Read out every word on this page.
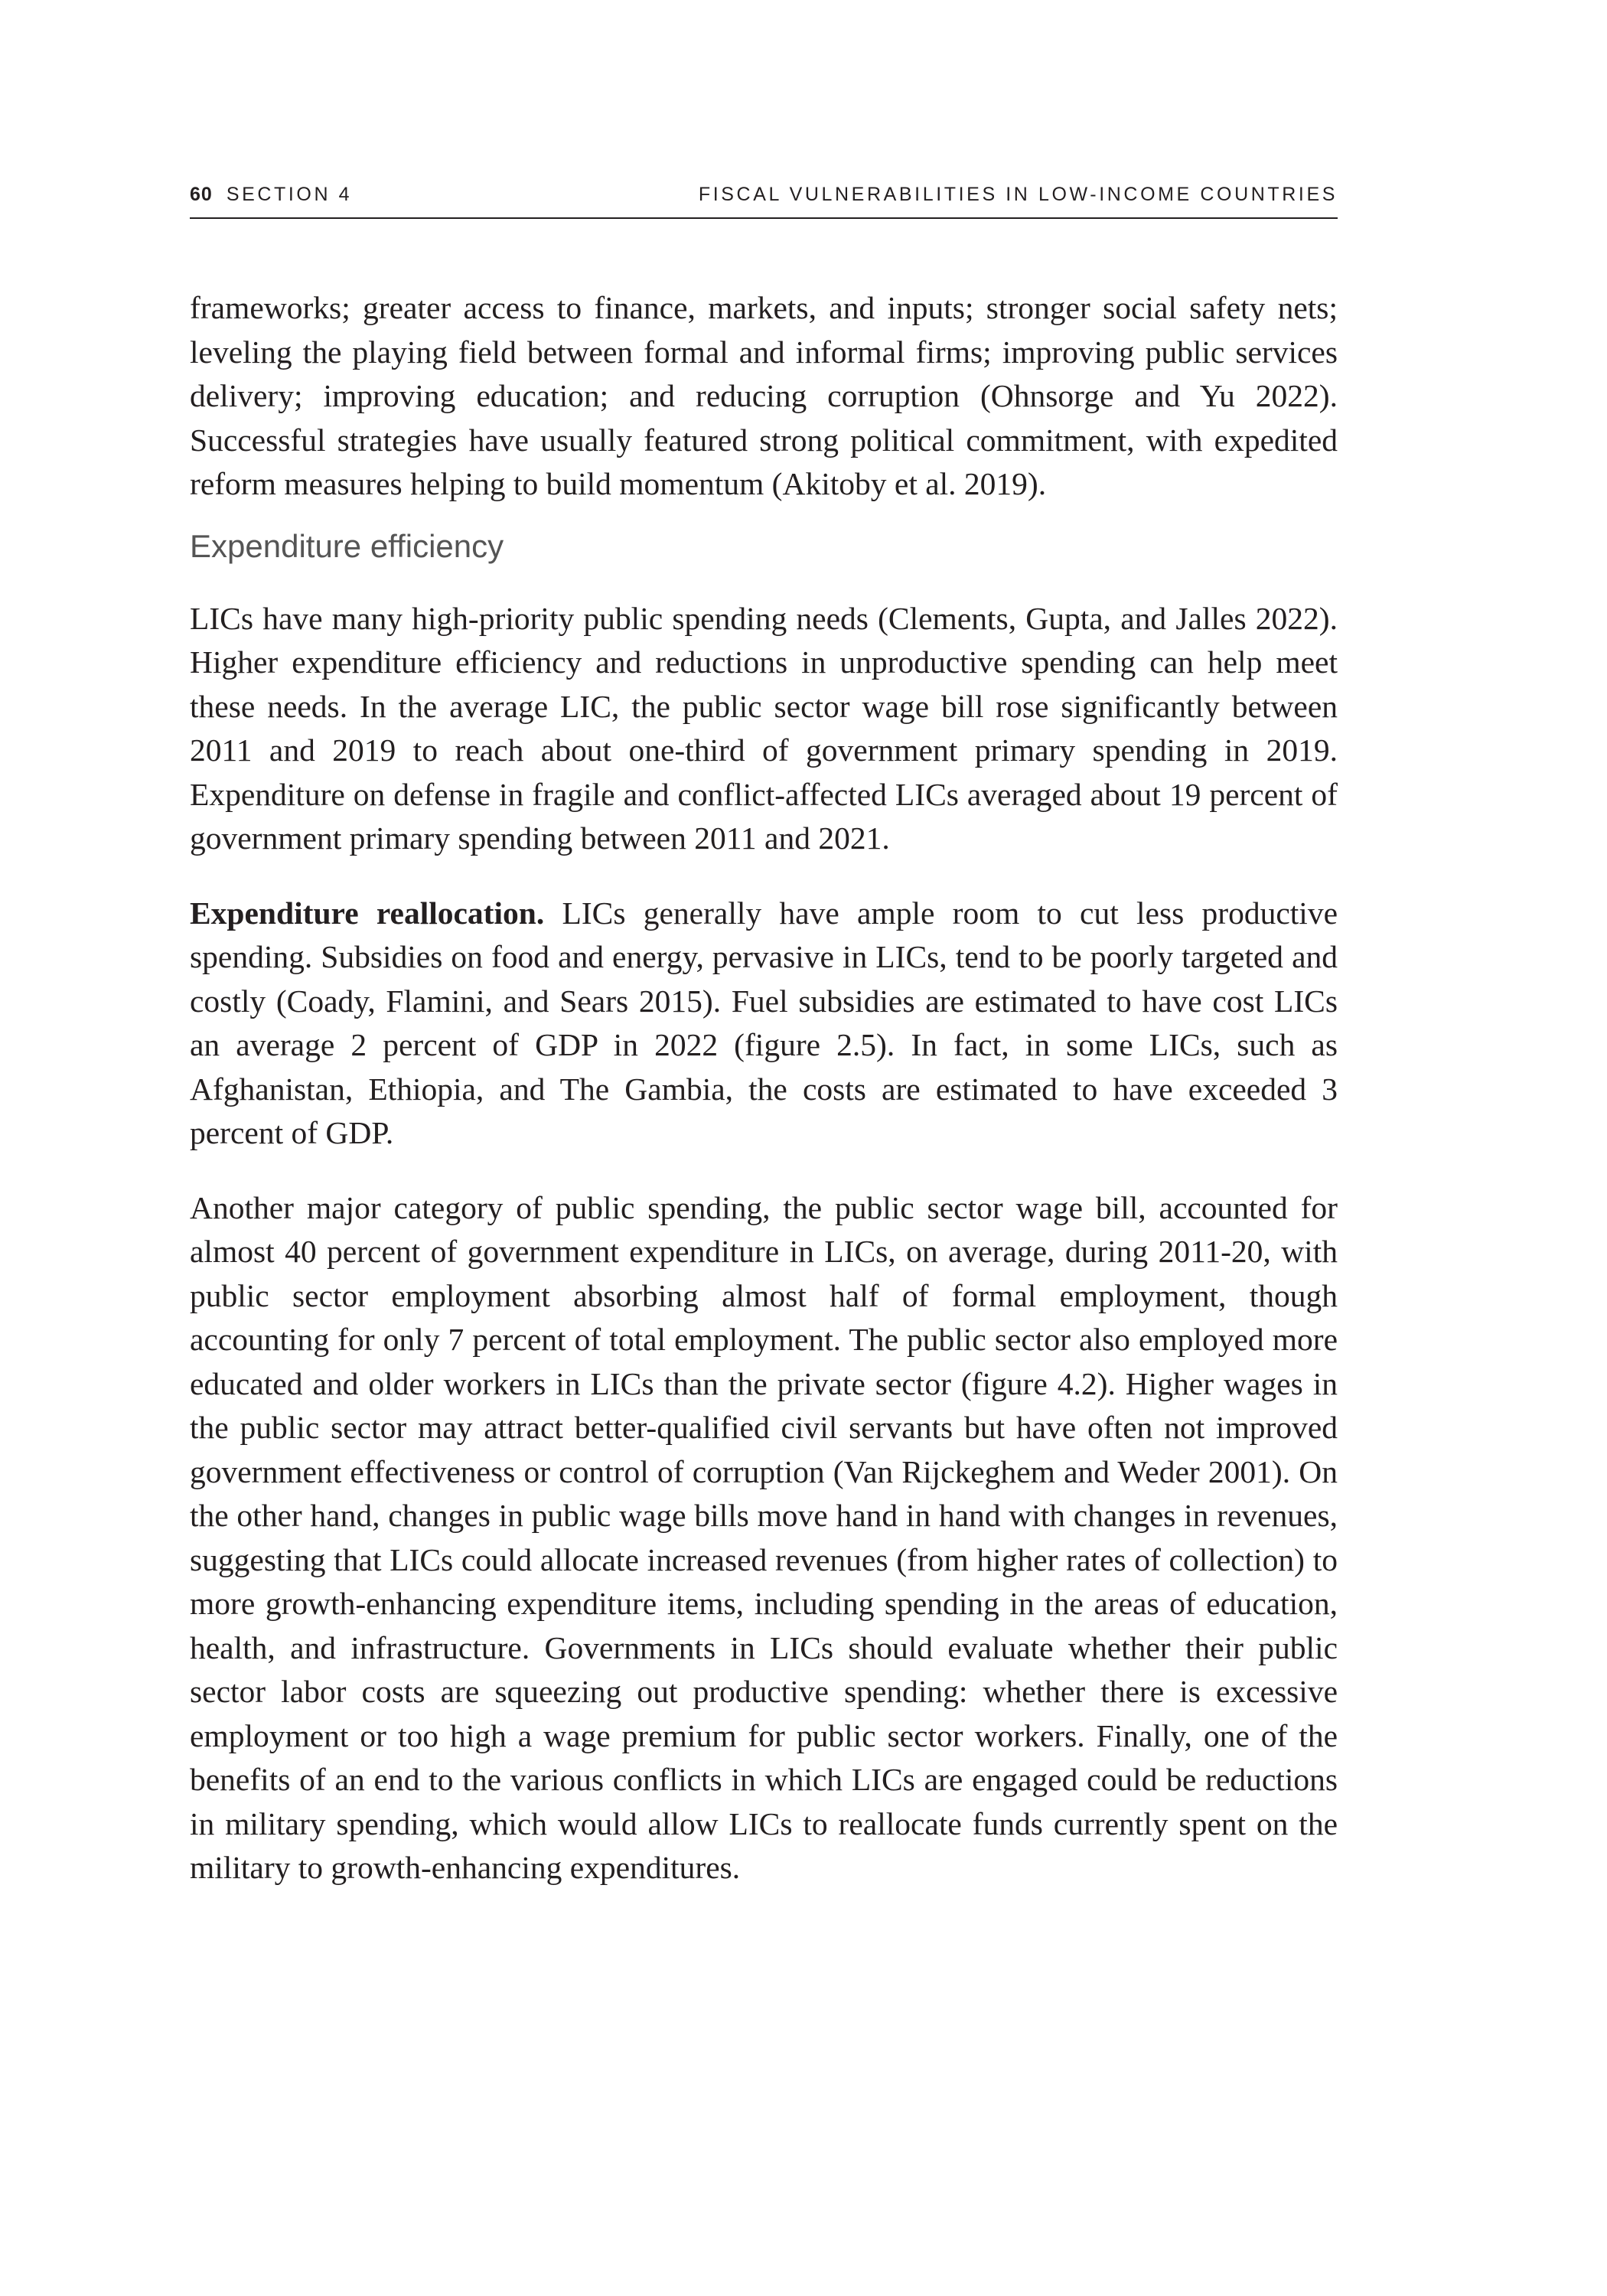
60 SECTION 4	FISCAL VULNERABILITIES IN LOW-INCOME COUNTRIES

frameworks; greater access to finance, markets, and inputs; stronger social safety nets; leveling the playing field between formal and informal firms; improving public services delivery; improving education; and reducing corruption (Ohnsorge and Yu 2022). Successful strategies have usually featured strong political commitment, with expedited reform measures helping to build momentum (Akitoby et al. 2019).

Expenditure efficiency

LICs have many high-priority public spending needs (Clements, Gupta, and Jalles 2022). Higher expenditure efficiency and reductions in unproductive spending can help meet these needs. In the average LIC, the public sector wage bill rose significantly between 2011 and 2019 to reach about one-third of government primary spending in 2019. Expenditure on defense in fragile and conflict-affected LICs averaged about 19 percent of government primary spending between 2011 and 2021.

Expenditure reallocation. LICs generally have ample room to cut less productive spending. Subsidies on food and energy, pervasive in LICs, tend to be poorly targeted and costly (Coady, Flamini, and Sears 2015). Fuel subsidies are estimated to have cost LICs an average 2 percent of GDP in 2022 (figure 2.5). In fact, in some LICs, such as Afghanistan, Ethiopia, and The Gambia, the costs are estimated to have exceeded 3 percent of GDP.

Another major category of public spending, the public sector wage bill, accounted for almost 40 percent of government expenditure in LICs, on average, during 2011-20, with public sector employment absorbing almost half of formal employment, though accounting for only 7 percent of total employment. The public sector also employed more educated and older workers in LICs than the private sector (figure 4.2). Higher wages in the public sector may attract better-qualified civil servants but have often not improved government effectiveness or control of corruption (Van Rijckeghem and Weder 2001). On the other hand, changes in public wage bills move hand in hand with changes in revenues, suggesting that LICs could allocate increased revenues (from higher rates of collection) to more growth-enhancing expenditure items, including spending in the areas of education, health, and infrastructure. Governments in LICs should evaluate whether their public sector labor costs are squeezing out productive spending: whether there is excessive employment or too high a wage premium for public sector workers. Finally, one of the benefits of an end to the various conflicts in which LICs are engaged could be reductions in military spending, which would allow LICs to reallocate funds currently spent on the military to growth-enhancing expenditures.
